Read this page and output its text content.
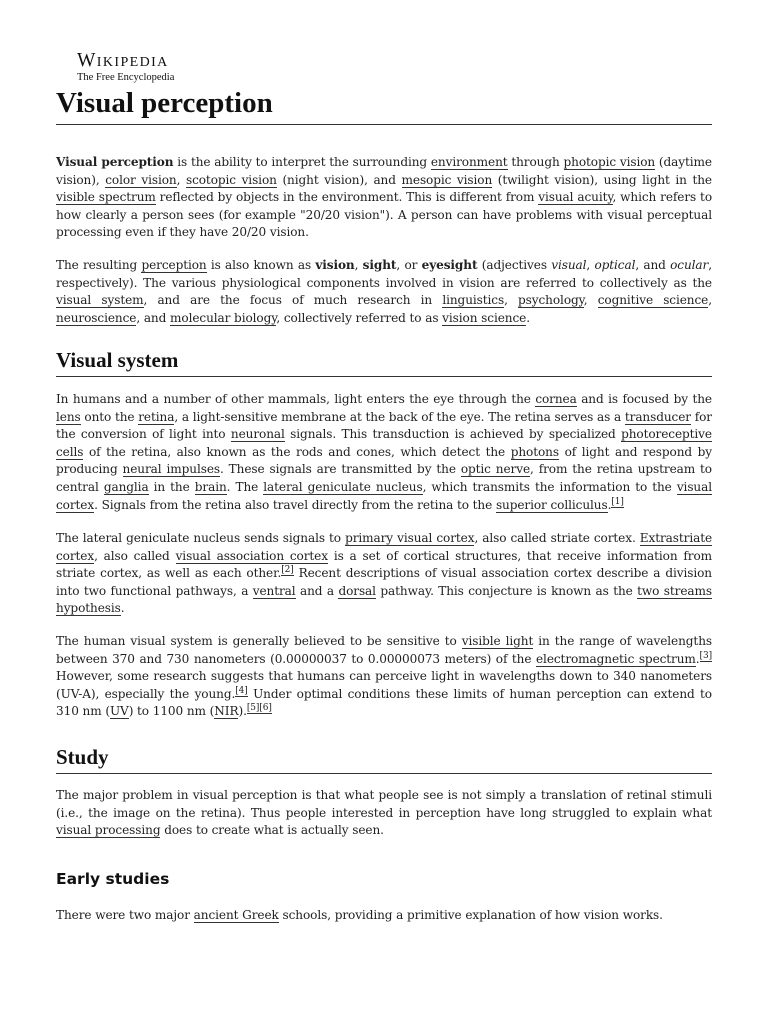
Wikipedia
The Free Encyclopedia
Visual perception

Visual perception is the ability to interpret the surrounding environment through photopic vision (daytime vision), color vision, scotopic vision (night vision), and mesopic vision (twilight vision), using light in the visible spectrum reflected by objects in the environment. This is different from visual acuity, which refers to how clearly a person sees (for example "20/20 vision"). A person can have problems with visual perceptual processing even if they have 20/20 vision.

The resulting perception is also known as vision, sight, or eyesight (adjectives visual, optical, and ocular, respectively). The various physiological components involved in vision are referred to collectively as the visual system, and are the focus of much research in linguistics, psychology, cognitive science, neuroscience, and molecular biology, collectively referred to as vision science.

Visual system

In humans and a number of other mammals, light enters the eye through the cornea and is focused by the lens onto the retina, a light-sensitive membrane at the back of the eye. The retina serves as a transducer for the conversion of light into neuronal signals. This transduction is achieved by specialized photoreceptive cells of the retina, also known as the rods and cones, which detect the photons of light and respond by producing neural impulses. These signals are transmitted by the optic nerve, from the retina upstream to central ganglia in the brain. The lateral geniculate nucleus, which transmits the information to the visual cortex. Signals from the retina also travel directly from the retina to the superior colliculus.[1]

The lateral geniculate nucleus sends signals to primary visual cortex, also called striate cortex. Extrastriate cortex, also called visual association cortex is a set of cortical structures, that receive information from striate cortex, as well as each other.[2] Recent descriptions of visual association cortex describe a division into two functional pathways, a ventral and a dorsal pathway. This conjecture is known as the two streams hypothesis.

The human visual system is generally believed to be sensitive to visible light in the range of wavelengths between 370 and 730 nanometers (0.00000037 to 0.00000073 meters) of the electromagnetic spectrum.[3] However, some research suggests that humans can perceive light in wavelengths down to 340 nanometers (UV-A), especially the young.[4] Under optimal conditions these limits of human perception can extend to 310 nm (UV) to 1100 nm (NIR).[5][6]

Study

The major problem in visual perception is that what people see is not simply a translation of retinal stimuli (i.e., the image on the retina). Thus people interested in perception have long struggled to explain what visual processing does to create what is actually seen.

Early studies

There were two major ancient Greek schools, providing a primitive explanation of how vision works.
